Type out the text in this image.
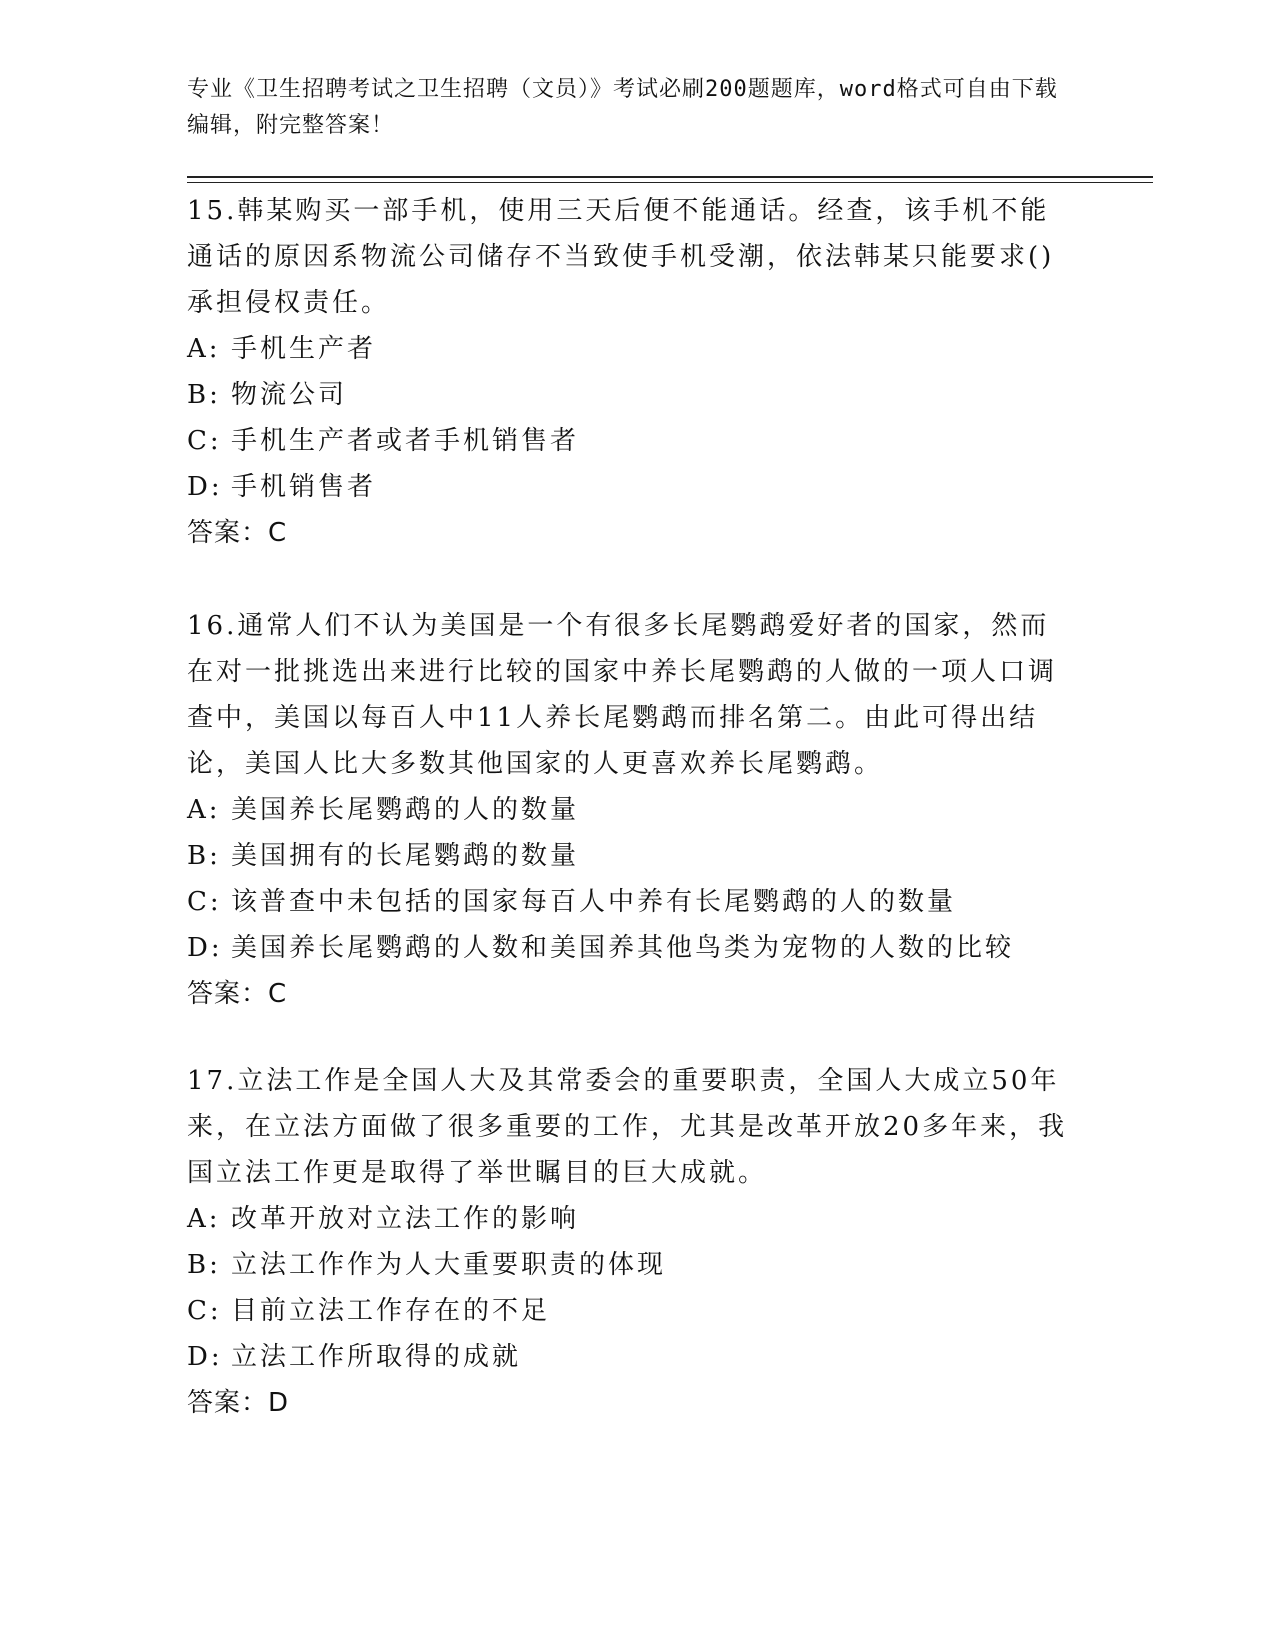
专业《卫生招聘考试之卫生招聘（文员）》考试必刷200题题库，word格式可自由下载编辑，附完整答案！

15.韩某购买一部手机，使用三天后便不能通话。经查，该手机不能通话的原因系物流公司储存不当致使手机受潮，依法韩某只能要求()承担侵权责任。

A: 手机生产者

B: 物流公司

C: 手机生产者或者手机销售者

D: 手机销售者

答案：C

16.通常人们不认为美国是一个有很多长尾鹦鹉爱好者的国家，然而在对一批挑选出来进行比较的国家中养长尾鹦鹉的人做的一项人口调查中，美国以每百人中11人养长尾鹦鹉而排名第二。由此可得出结论，美国人比大多数其他国家的人更喜欢养长尾鹦鹉。

A: 美国养长尾鹦鹉的人的数量

B: 美国拥有的长尾鹦鹉的数量

C: 该普查中未包括的国家每百人中养有长尾鹦鹉的人的数量

D: 美国养长尾鹦鹉的人数和美国养其他鸟类为宠物的人数的比较

答案：C

17.立法工作是全国人大及其常委会的重要职责，全国人大成立50年来，在立法方面做了很多重要的工作，尤其是改革开放20多年来，我国立法工作更是取得了举世瞩目的巨大成就。

A: 改革开放对立法工作的影响

B: 立法工作作为人大重要职责的体现

C: 目前立法工作存在的不足

D: 立法工作所取得的成就

答案：D
